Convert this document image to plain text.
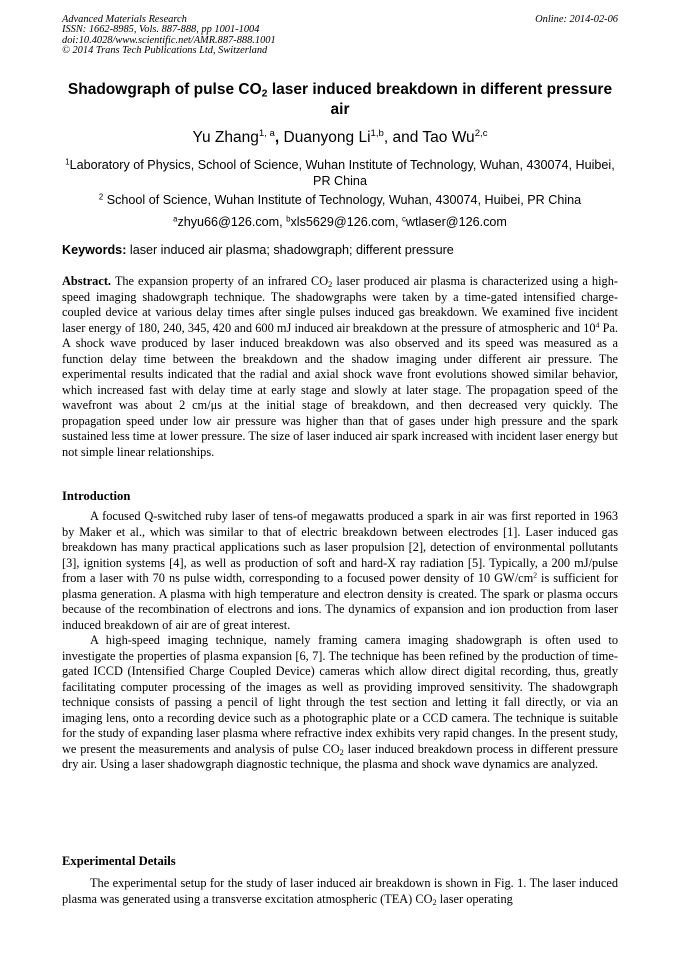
Advanced Materials Research
ISSN: 1662-8985, Vols. 887-888, pp 1001-1004
doi:10.4028/www.scientific.net/AMR.887-888.1001
© 2014 Trans Tech Publications Ltd, Switzerland
Online: 2014-02-06
Shadowgraph of pulse $CO_2$ laser induced breakdown in different pressure air
Yu Zhang$^{1, a}$, Duanyong Li$^{1,b}$, and Tao Wu$^{2,c}$
$^1$Laboratory of Physics, School of Science, Wuhan Institute of Technology, Wuhan, 430074, Huibei, PR China
$^2$ School of Science, Wuhan Institute of Technology, Wuhan, 430074, Huibei, PR China
$^a$zhyu66@126.com, $^b$xls5629@126.com, $^c$wtlaser@126.com
Keywords: laser induced air plasma; shadowgraph; different pressure
Abstract. The expansion property of an infrared $CO_2$ laser produced air plasma is characterized using a high-speed imaging shadowgraph technique. The shadowgraphs were taken by a time-gated intensified charge-coupled device at various delay times after single pulses induced gas breakdown. We examined five incident laser energy of 180, 240, 345, 420 and 600 mJ induced air breakdown at the pressure of atmospheric and $10^4$ Pa. A shock wave produced by laser induced breakdown was also observed and its speed was measured as a function delay time between the breakdown and the shadow imaging under different air pressure. The experimental results indicated that the radial and axial shock wave front evolutions showed similar behavior, which increased fast with delay time at early stage and slowly at later stage. The propagation speed of the wavefront was about 2 cm/μs at the initial stage of breakdown, and then decreased very quickly. The propagation speed under low air pressure was higher than that of gases under high pressure and the spark sustained less time at lower pressure. The size of laser induced air spark increased with incident laser energy but not simple linear relationships.
Introduction

A focused Q-switched ruby laser of tens-of megawatts produced a spark in air was first reported in 1963 by Maker et al., which was similar to that of electric breakdown between electrodes [1]. Laser induced gas breakdown has many practical applications such as laser propulsion [2], detection of environmental pollutants [3], ignition systems [4], as well as production of soft and hard-X ray radiation [5]. Typically, a 200 mJ/pulse from a laser with 70 ns pulse width, corresponding to a focused power density of 10 $GW/cm^2$ is sufficient for plasma generation. A plasma with high temperature and electron density is created. The spark or plasma occurs because of the recombination of electrons and ions. The dynamics of expansion and ion production from laser induced breakdown of air are of great interest.

A high-speed imaging technique, namely framing camera imaging shadowgraph is often used to investigate the properties of plasma expansion [6, 7]. The technique has been refined by the production of time-gated ICCD (Intensified Charge Coupled Device) cameras which allow direct digital recording, thus, greatly facilitating computer processing of the images as well as providing improved sensitivity. The shadowgraph technique consists of passing a pencil of light through the test section and letting it fall directly, or via an imaging lens, onto a recording device such as a photographic plate or a CCD camera. The technique is suitable for the study of expanding laser plasma where refractive index exhibits very rapid changes. In the present study, we present the measurements and analysis of pulse $CO_2$ laser induced breakdown process in different pressure dry air. Using a laser shadowgraph diagnostic technique, the plasma and shock wave dynamics are analyzed.

Experimental Details

The experimental setup for the study of laser induced air breakdown is shown in Fig. 1. The laser induced plasma was generated using a transverse excitation atmospheric (TEA) $CO_2$ laser operating
